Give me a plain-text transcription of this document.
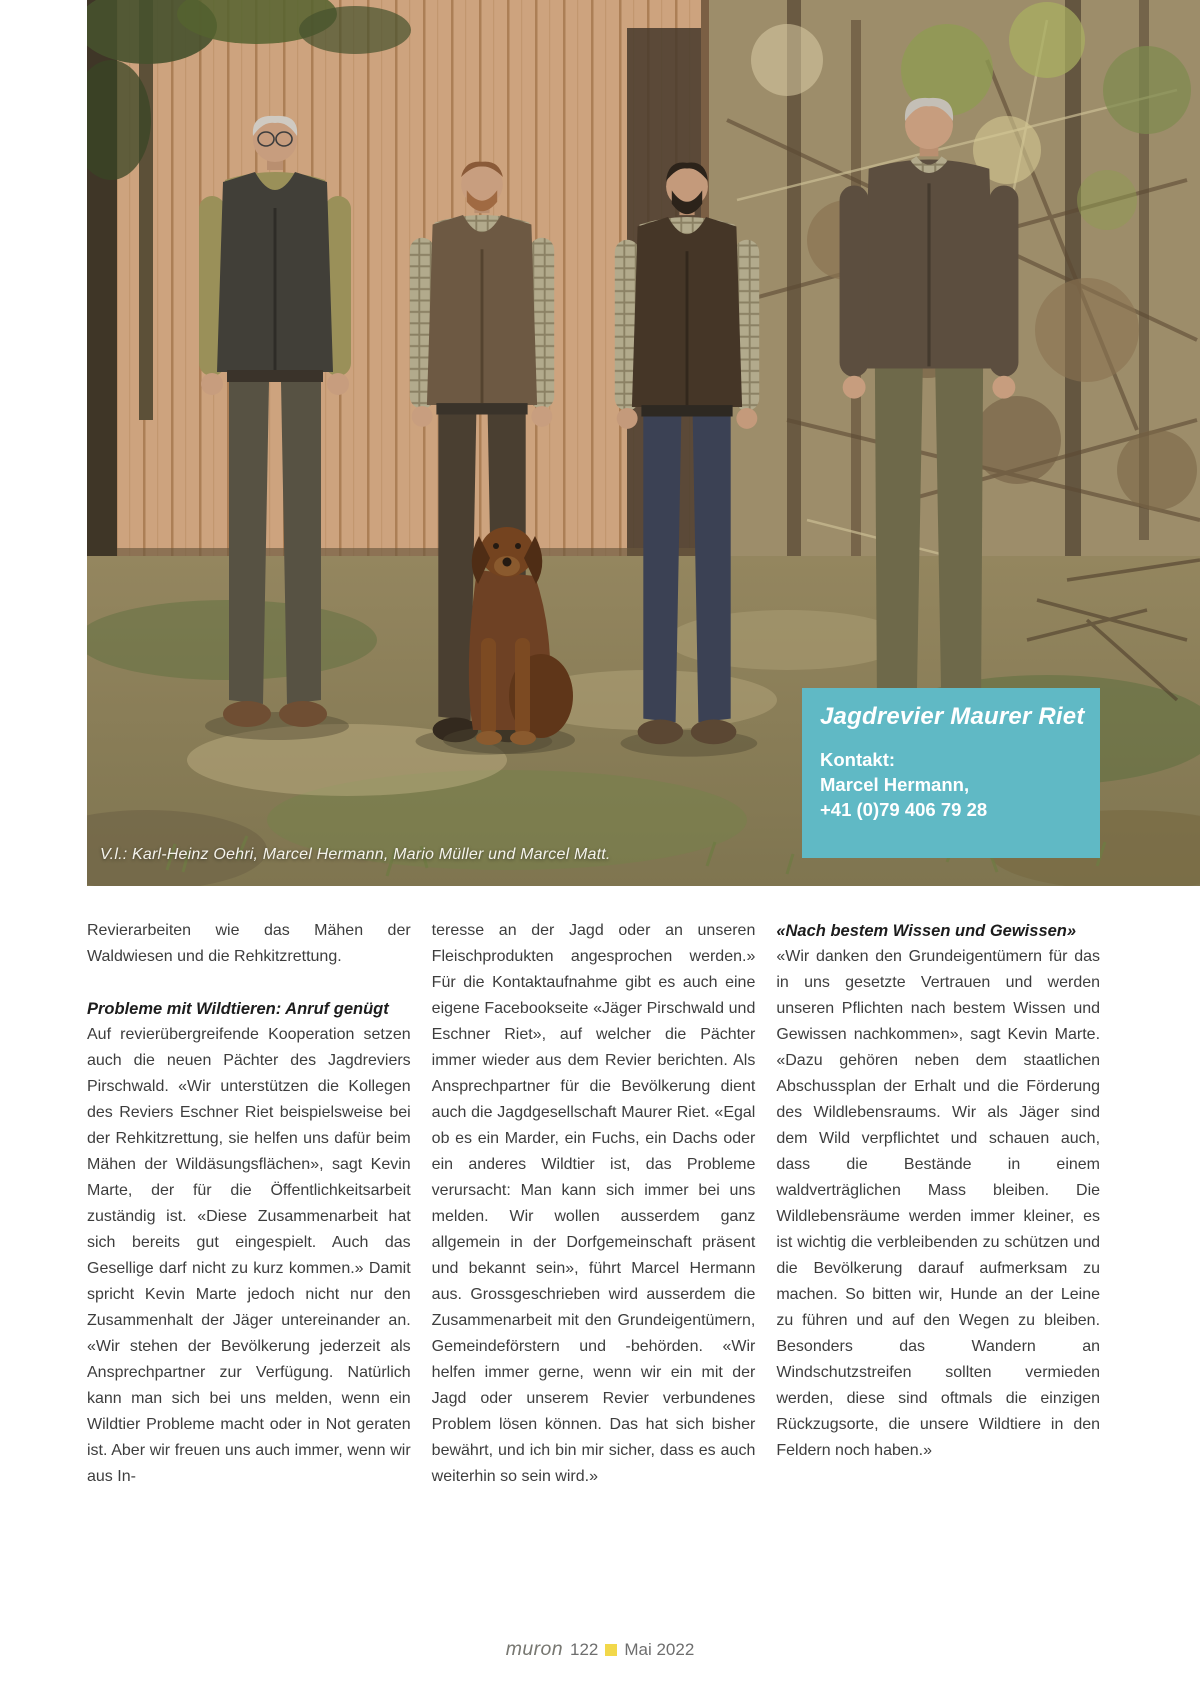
Jagdrevier Maurer Riet
Kontakt:
Marcel Hermann,
+41 (0)79 406 79 28
V.l.: Karl-Heinz Oehri, Marcel Hermann, Mario Müller und Marcel Matt.

Revierarbeiten wie das Mähen der Waldwiesen und die Rehkitzrettung.

Probleme mit Wildtieren: Anruf genügt

Auf revierübergreifende Kooperation setzen auch die neuen Pächter des Jagdreviers Pirschwald. «Wir unterstützen die Kollegen des Reviers Eschner Riet beispielsweise bei der Rehkitzrettung, sie helfen uns dafür beim Mähen der Wildäsungsflächen», sagt Kevin Marte, der für die Öffentlichkeitsarbeit zuständig ist. «Diese Zusammenarbeit hat sich bereits gut eingespielt. Auch das Gesellige darf nicht zu kurz kommen.» Damit spricht Kevin Marte jedoch nicht nur den Zusammenhalt der Jäger untereinander an. «Wir stehen der Bevölkerung jederzeit als Ansprechpartner zur Verfügung. Natürlich kann man sich bei uns melden, wenn ein Wildtier Probleme macht oder in Not geraten ist. Aber wir freuen uns auch immer, wenn wir aus In-

teresse an der Jagd oder an unseren Fleischprodukten angesprochen werden.» Für die Kontaktaufnahme gibt es auch eine eigene Facebookseite «Jäger Pirschwald und Eschner Riet», auf welcher die Pächter immer wieder aus dem Revier berichten. Als Ansprechpartner für die Bevölkerung dient auch die Jagdgesellschaft Maurer Riet. «Egal ob es ein Marder, ein Fuchs, ein Dachs oder ein anderes Wildtier ist, das Probleme verursacht: Man kann sich immer bei uns melden. Wir wollen ausserdem ganz allgemein in der Dorfgemeinschaft präsent und bekannt sein», führt Marcel Hermann aus. Grossgeschrieben wird ausserdem die Zusammenarbeit mit den Grundeigentümern, Gemeindeförstern und -behörden. «Wir helfen immer gerne, wenn wir ein mit der Jagd oder unserem Revier verbundenes Problem lösen können. Das hat sich bisher bewährt, und ich bin mir sicher, dass es auch weiterhin so sein wird.»

«Nach bestem Wissen und Gewissen»

«Wir danken den Grundeigentümern für das in uns gesetzte Vertrauen und werden unseren Pflichten nach bestem Wissen und Gewissen nachkommen», sagt Kevin Marte. «Dazu gehören neben dem staatlichen Abschussplan der Erhalt und die Förderung des Wildlebensraums. Wir als Jäger sind dem Wild verpflichtet und schauen auch, dass die Bestände in einem waldverträglichen Mass bleiben. Die Wildlebensräume werden immer kleiner, es ist wichtig die verbleibenden zu schützen und die Bevölkerung darauf aufmerksam zu machen. So bitten wir, Hunde an der Leine zu führen und auf den Wegen zu bleiben. Besonders das Wandern an Windschutzstreifen sollten vermieden werden, diese sind oftmals die einzigen Rückzugsorte, die unsere Wildtiere in den Feldern noch haben.»

muron 122 Mai 2022
